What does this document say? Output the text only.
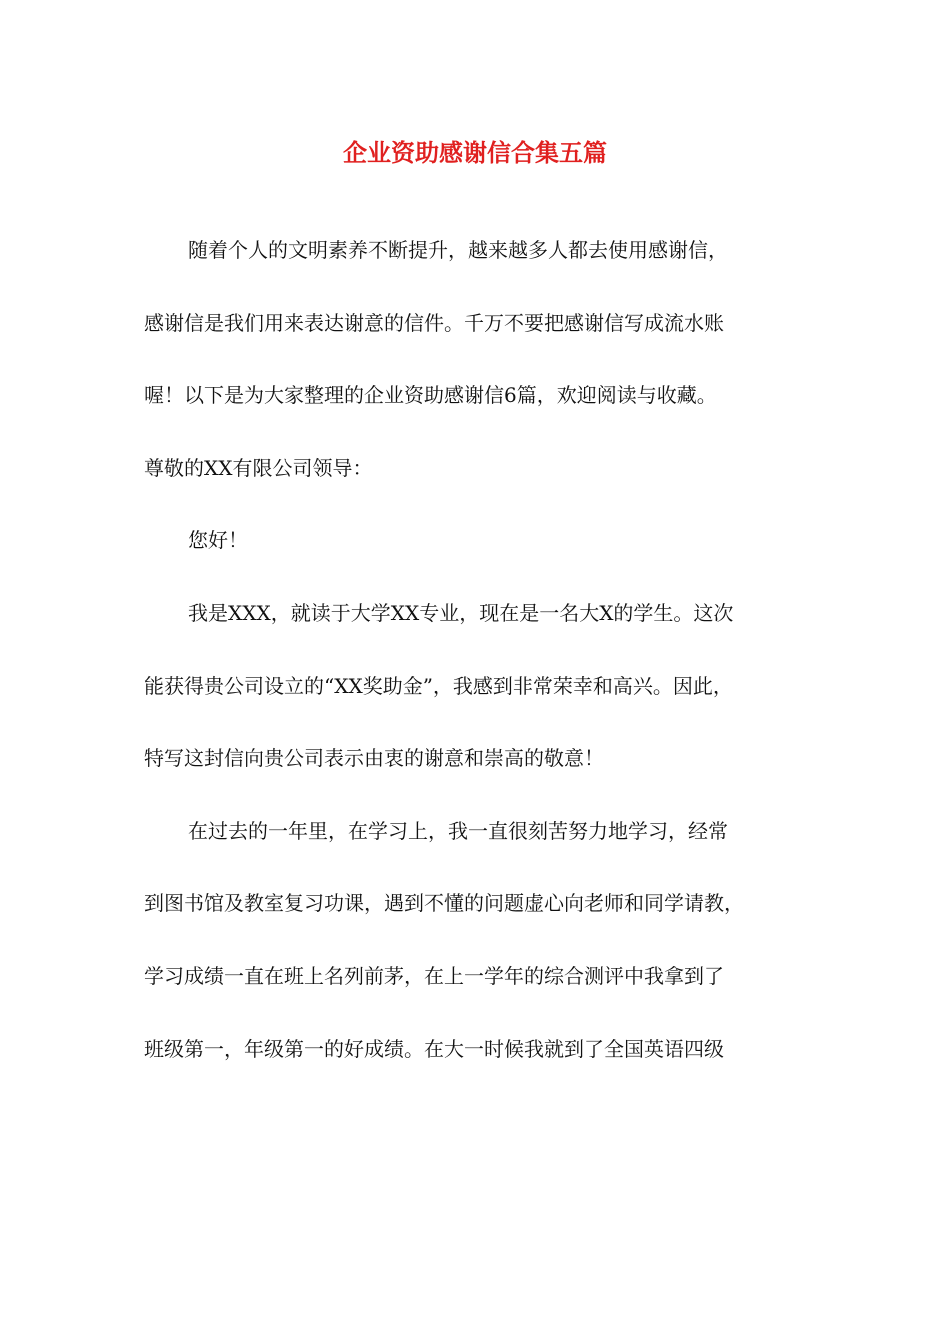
企业资助感谢信合集五篇

随着个人的文明素养不断提升，越来越多人都去使用感谢信，

感谢信是我们用来表达谢意的信件。千万不要把感谢信写成流水账

喔！以下是为大家整理的企业资助感谢信6篇，欢迎阅读与收藏。

尊敬的XX有限公司领导：

您好！

我是XXX，就读于大学XX专业，现在是一名大X的学生。这次

能获得贵公司设立的“XX奖助金”，我感到非常荣幸和高兴。因此，

特写这封信向贵公司表示由衷的谢意和崇高的敬意！

在过去的一年里，在学习上，我一直很刻苦努力地学习，经常

到图书馆及教室复习功课，遇到不懂的问题虚心向老师和同学请教，

学习成绩一直在班上名列前茅，在上一学年的综合测评中我拿到了

班级第一，年级第一的好成绩。在大一时候我就到了全国英语四级
